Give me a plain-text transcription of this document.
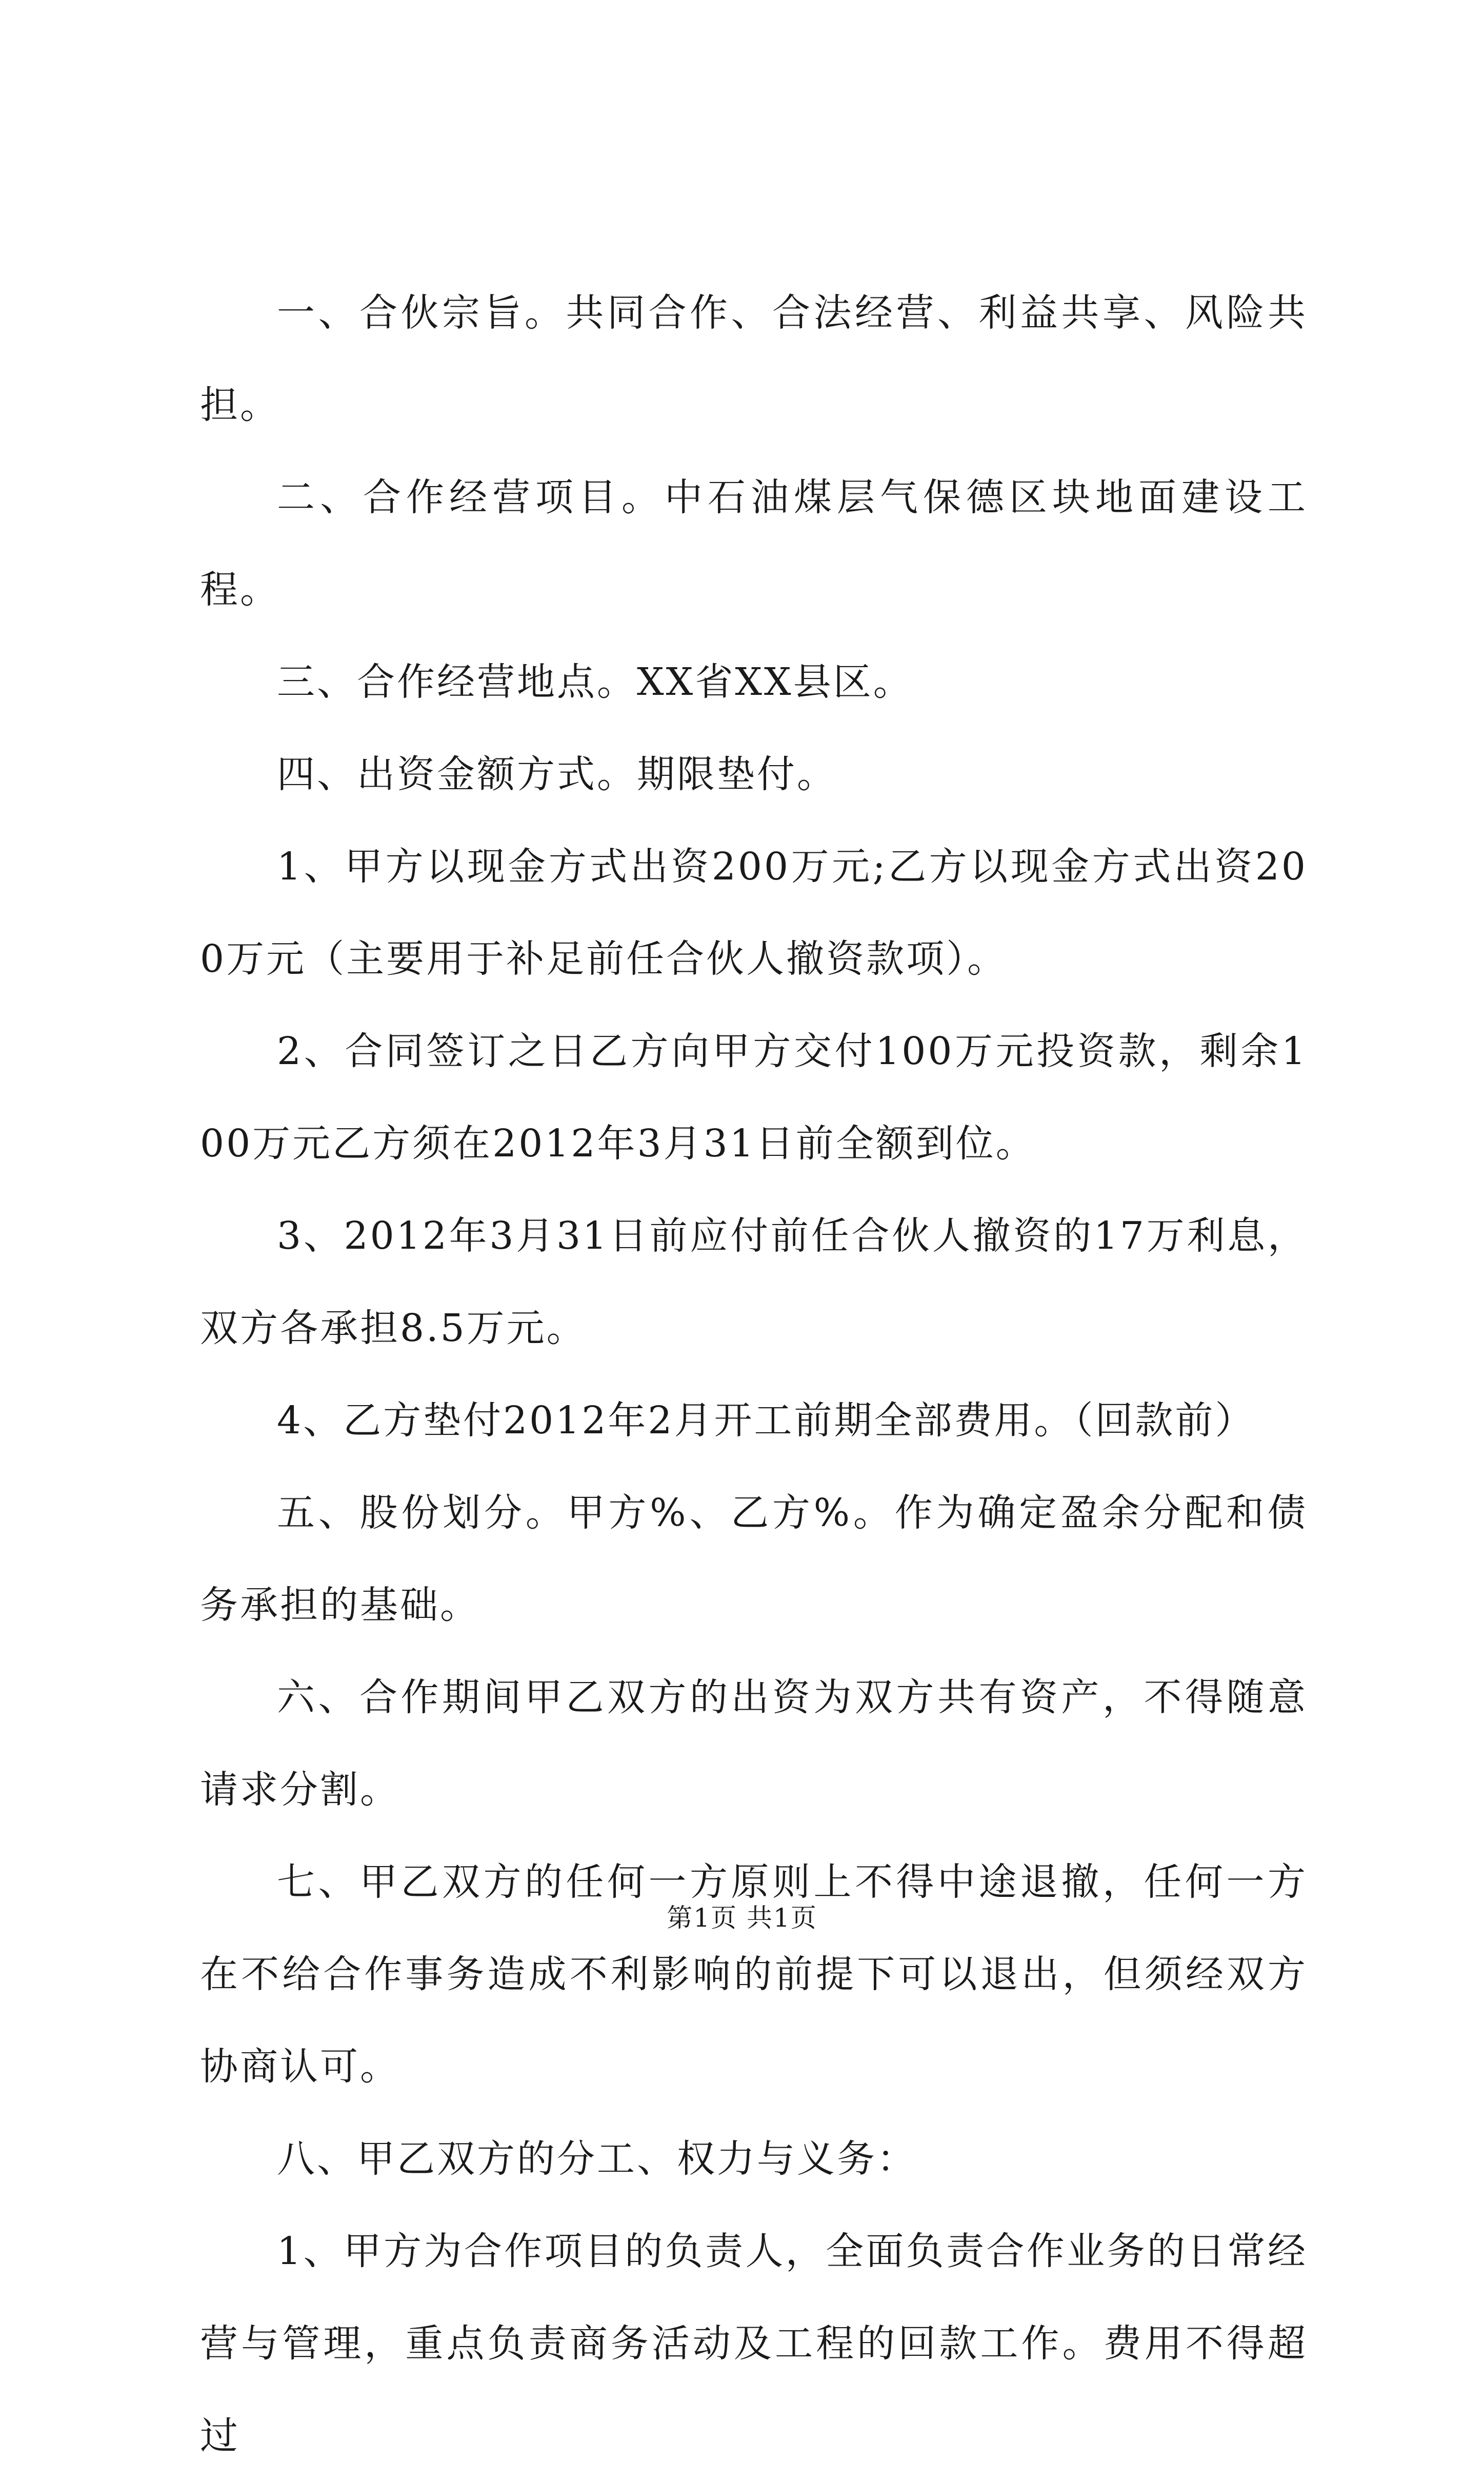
一、合伙宗旨。共同合作、合法经营、利益共享、风险共担。

二、合作经营项目。中石油煤层气保德区块地面建设工程。

三、合作经营地点。XX省XX县区。

四、出资金额方式。期限垫付。

1、甲方以现金方式出资200万元;乙方以现金方式出资200万元（主要用于补足前任合伙人撤资款项）。

2、合同签订之日乙方向甲方交付100万元投资款，剩余100万元乙方须在2012年3月31日前全额到位。

3、2012年3月31日前应付前任合伙人撤资的17万利息，双方各承担8.5万元。

4、乙方垫付2012年2月开工前期全部费用。（回款前）

五、股份划分。甲方%、乙方%。作为确定盈余分配和债务承担的基础。

六、合作期间甲乙双方的出资为双方共有资产，不得随意请求分割。

七、甲乙双方的任何一方原则上不得中途退撤，任何一方在不给合作事务造成不利影响的前提下可以退出，但须经双方协商认可。

八、甲乙双方的分工、权力与义务：

1、甲方为合作项目的负责人，全面负责合作业务的日常经营与管理，重点负责商务活动及工程的回款工作。费用不得超过

第1页 共1页
